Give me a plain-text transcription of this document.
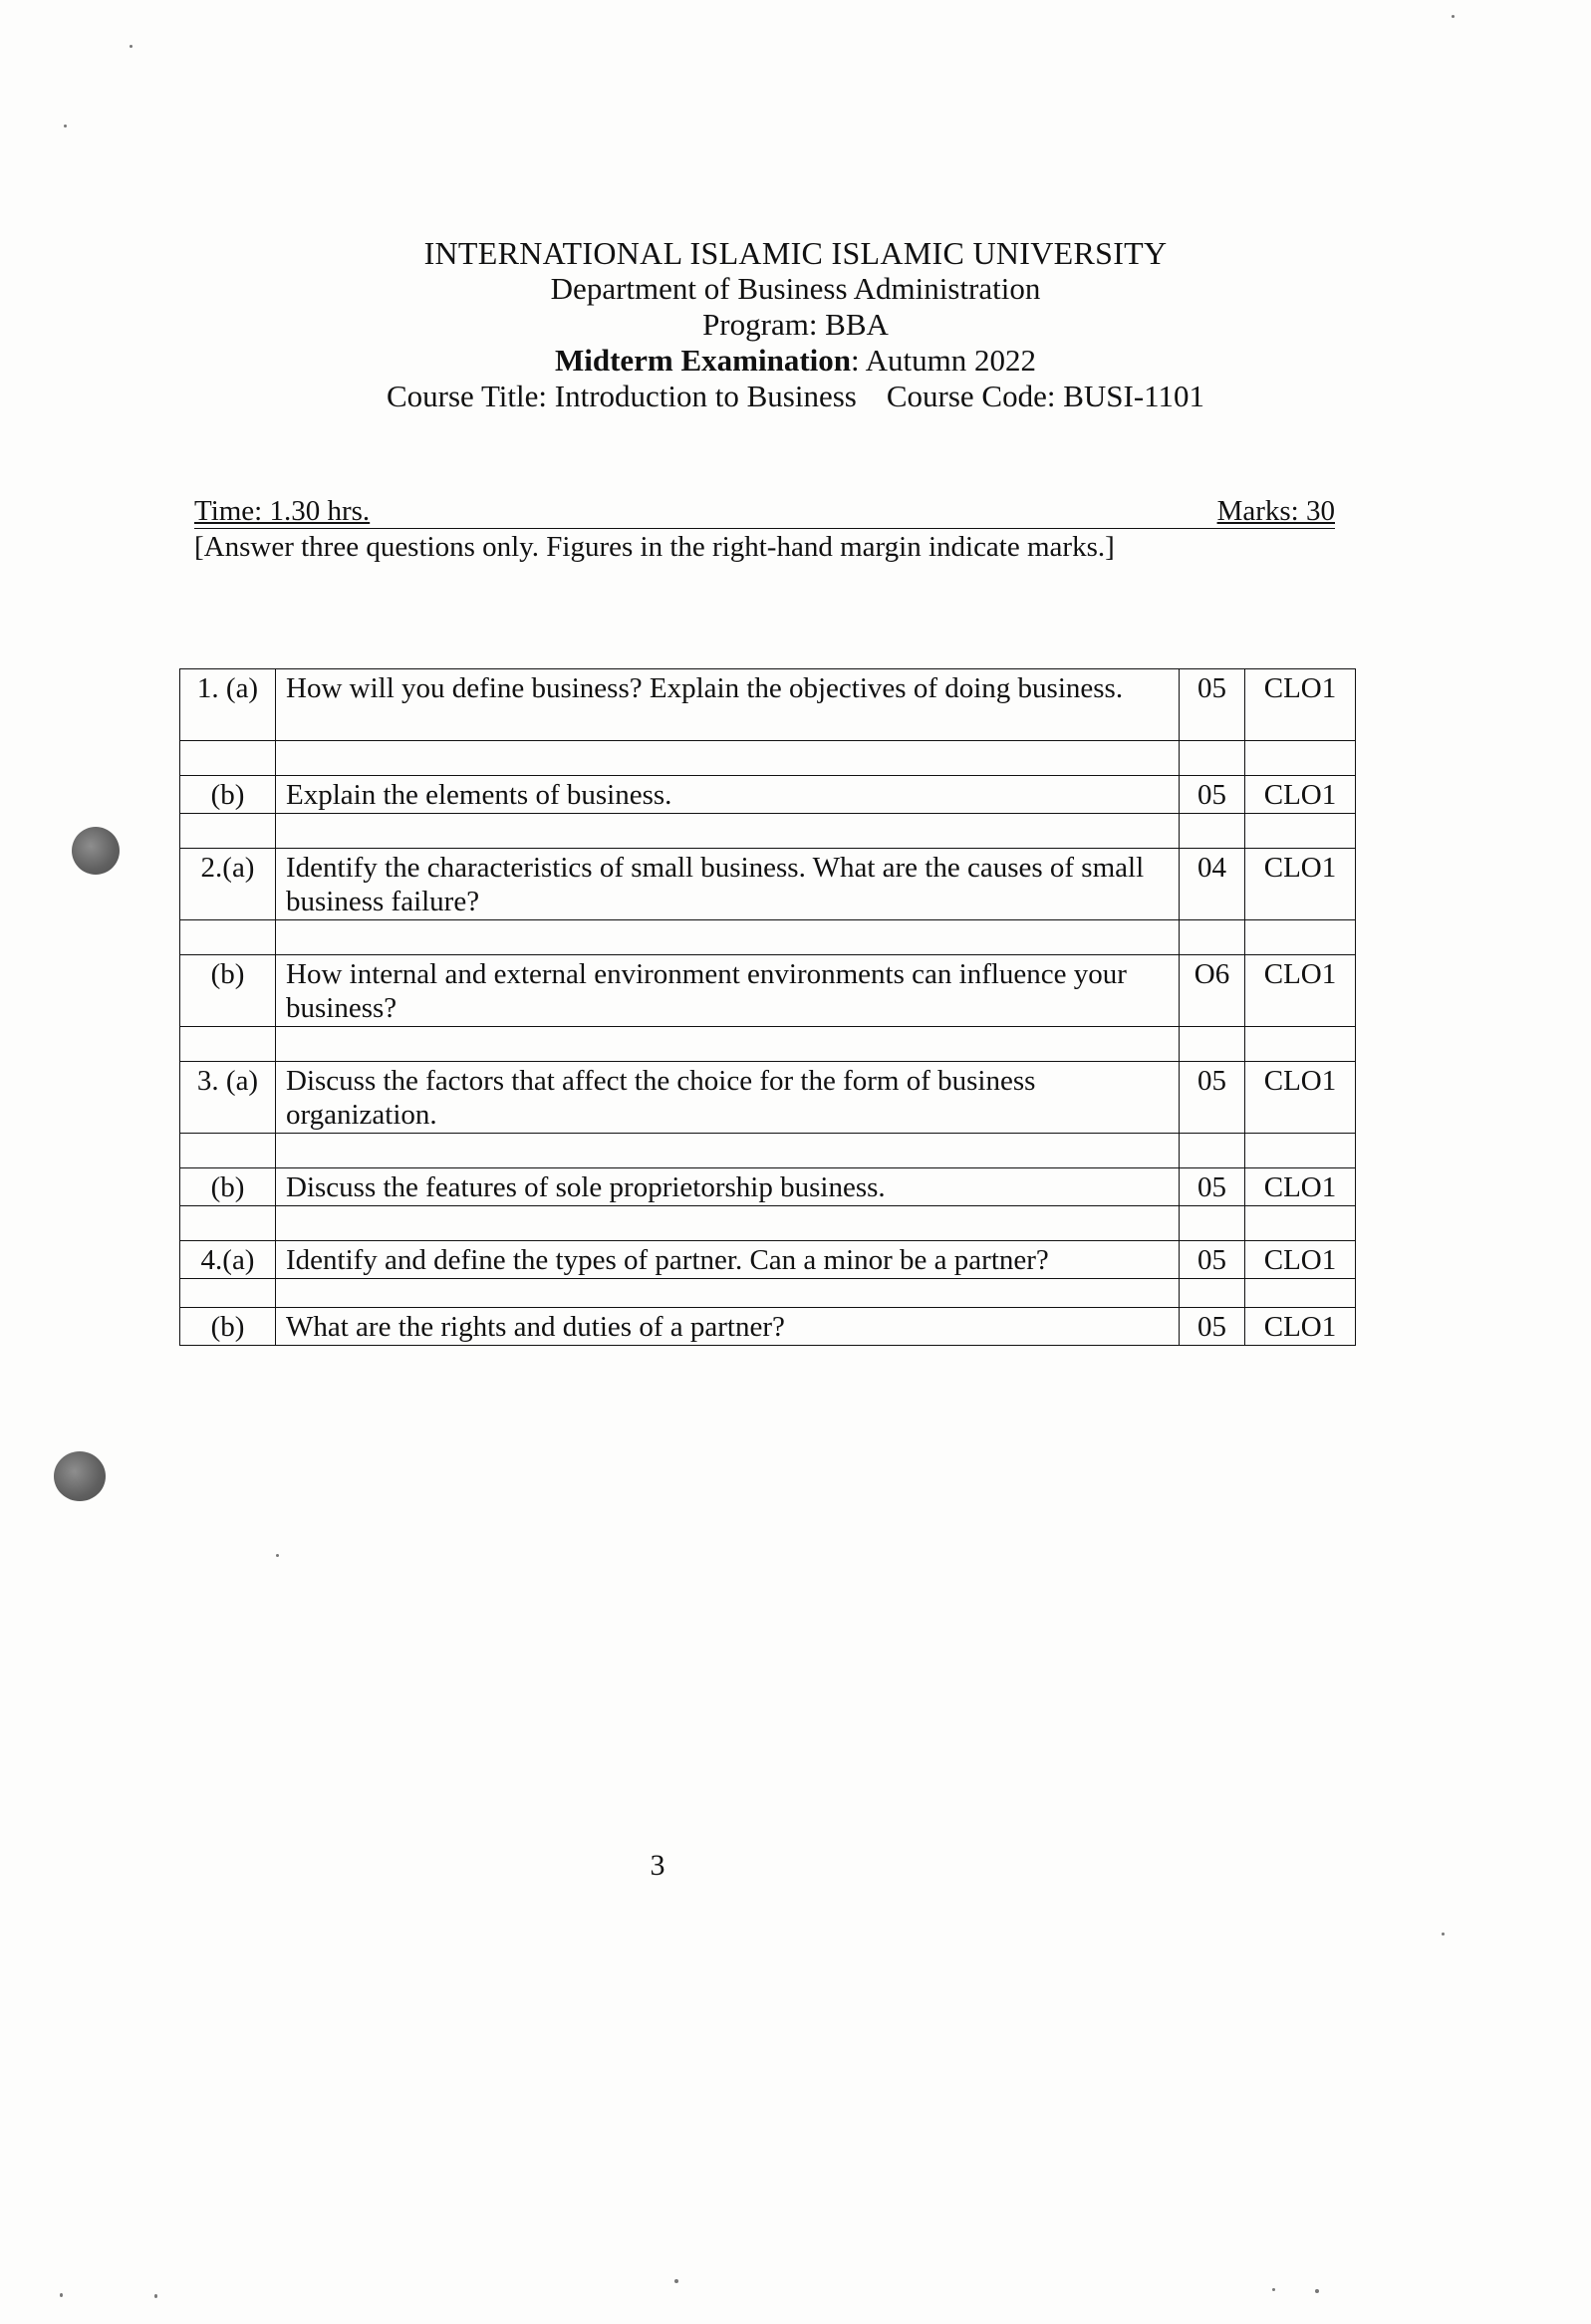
INTERNATIONAL ISLAMIC ISLAMIC UNIVERSITY
Department of Business Administration
Program: BBA
Midterm Examination: Autumn 2022
Course Title: Introduction to Business Course Code: BUSI-1101
Time: 1.30 hrs.	Marks: 30
[Answer three questions only. Figures in the right-hand margin indicate marks.]
1. (a)	How will you define business? Explain the objectives of doing business.	05	CLO1

(b)	Explain the elements of business.	05	CLO1

2.(a)	Identify the characteristics of small business. What are the causes of small business failure?	04	CLO1

(b)	How internal and external environment environments can influence your business?	O6	CLO1

3. (a)	Discuss the factors that affect the choice for the form of business organization.	05	CLO1

(b)	Discuss the features of sole proprietorship business.	05	CLO1

4.(a)	Identify and define the types of partner. Can a minor be a partner?	05	CLO1

(b)	What are the rights and duties of a partner?	05	CLO1
3
